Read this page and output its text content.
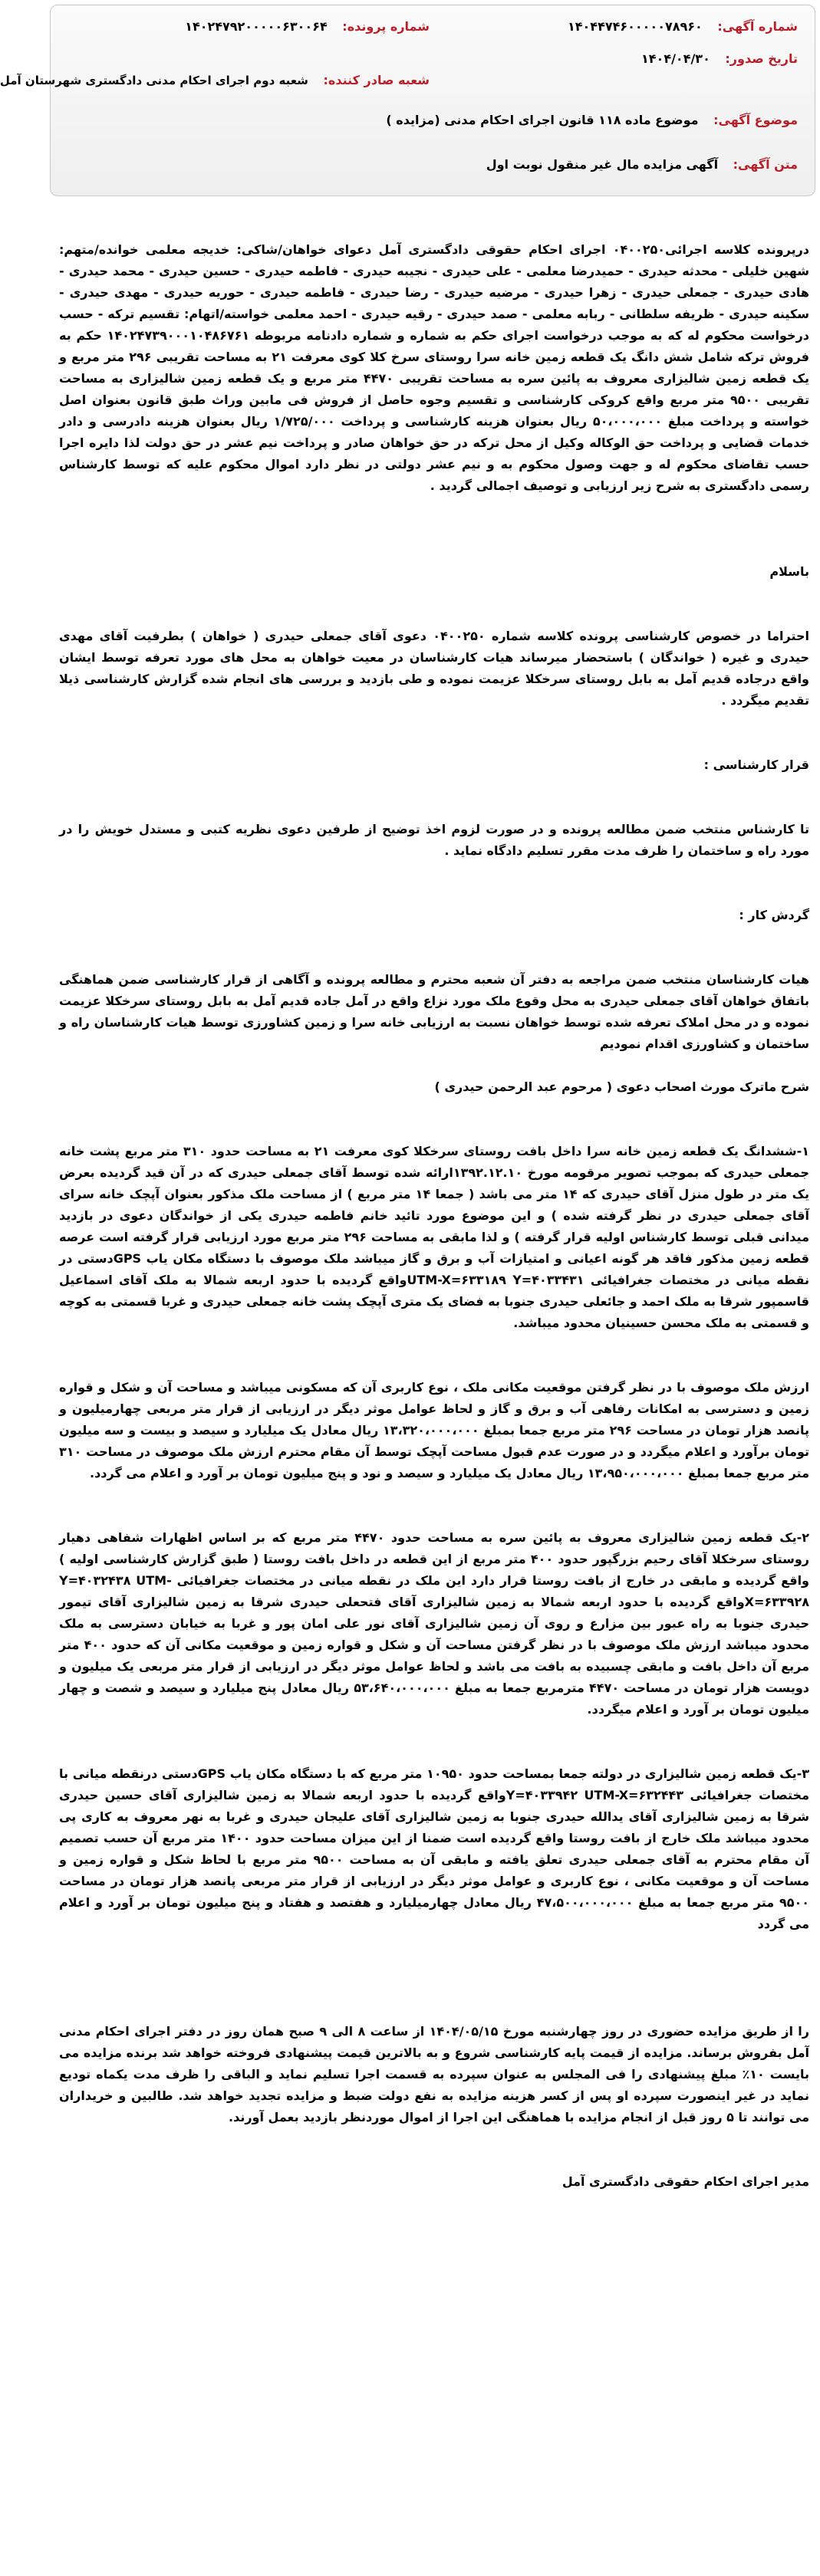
شماره آگهی: ۱۴۰۴۴۷۴۶۰۰۰۰۰۷۸۹۶۰
شماره پرونده: ۱۴۰۲۴۷۹۲۰۰۰۰۰۶۳۰۰۶۴
تاریخ صدور: ۱۴۰۴/۰۴/۳۰
شعبه صادر کننده: شعبه دوم اجرای احکام مدنی دادگستری شهرستان آمل
موضوع آگهی: موضوع ماده ۱۱۸ قانون اجرای احکام مدنی (مزایده )
متن آگهی: آگهی مزایده مال غیر منقول نوبت اول

درپرونده کلاسه اجرائی۰۴۰۰۲۵۰ اجرای احکام حقوقی دادگستری آمل دعوای خواهان/شاکی: خدیجه معلمی خوانده/متهم: شهین خلیلی - محدثه حیدری - حمیدرضا معلمی - علی حیدری - نجیبه حیدری - فاطمه حیدری - حسین حیدری - محمد حیدری - هادی حیدری - جمعلی حیدری - زهرا حیدری - مرضیه حیدری - رضا حیدری - فاطمه حیدری - حوریه حیدری - مهدی حیدری - سکینه حیدری - ظریفه سلطانی - ربابه معلمی - صمد حیدری - رقیه حیدری - احمد معلمی خواسته/اتهام: تقسیم ترکه - حسب درخواست محکوم له که به موجب درخواست اجرای حکم به شماره و شماره دادنامه مربوطه ۱۴۰۲۴۷۳۹۰۰۰۱۰۴۸۶۷۶۱ حکم به فروش ترکه شامل شش دانگ یک قطعه زمین خانه سرا روستای سرخ کلا کوی معرفت ۲۱ به مساحت تقریبی ۲۹۶ متر مربع و یک قطعه زمین شالیزاری معروف به پائین سره به مساحت تقریبی ۴۴۷۰ متر مربع و یک قطعه زمین شالیزاری به مساحت تقریبی ۹۵۰۰ متر مربع واقع کروکی کارشناسی و تقسیم وجوه حاصل از فروش فی مابین وراث طبق قانون بعنوان اصل خواسته و پرداخت مبلغ ۵۰،۰۰۰،۰۰۰ ریال بعنوان هزینه کارشناسی و پرداخت ۱/۷۲۵/۰۰۰ ریال بعنوان هزینه دادرسی و دادر خدمات قضایی و پرداخت حق الوکاله وکیل از محل ترکه در حق خواهان صادر و پرداخت نیم عشر در حق دولت لذا دایره اجرا حسب تقاضای محکوم له و جهت وصول محکوم به و نیم عشر دولتی در نظر دارد اموال محکوم علیه که توسط کارشناس رسمی دادگستری به شرح زیر ارزیابی و توصیف اجمالی گردید .

باسلام

احتراما در خصوص کارشناسی پرونده کلاسه شماره ۰۴۰۰۲۵۰ دعوی آقای جمعلی حیدری ( خواهان ) بطرفیت آقای مهدی حیدری و غیره ( خواندگان ) باستحضار میرساند هیات کارشناسان در معیت خواهان به محل های مورد تعرفه توسط ایشان واقع درجاده قدیم آمل به بابل روستای سرخکلا عزیمت نموده و طی بازدید و بررسی های انجام شده گزارش کارشناسی ذیلا تقدیم میگردد .

قرار کارشناسی :

تا کارشناس منتخب ضمن مطالعه پرونده و در صورت لزوم اخذ توضیح از طرفین دعوی نظریه کتبی و مستدل خویش را در مورد راه و ساختمان را ظرف مدت مقرر تسلیم دادگاه نماید .

گردش کار :

هیات کارشناسان منتخب ضمن مراجعه به دفتر آن شعبه محترم و مطالعه پرونده و آگاهی از قرار کارشناسی ضمن هماهنگی باتفاق خواهان آقای جمعلی حیدری به محل وقوع ملک مورد نزاع واقع در آمل جاده قدیم آمل به بابل روستای سرخکلا عزیمت نموده و در محل املاک تعرفه شده توسط خواهان نسبت به ارزیابی خانه سرا و زمین کشاورزی توسط هیات کارشناسان راه و ساختمان و کشاورزی اقدام نمودیم

شرح ماترک مورث اصحاب دعوی ( مرحوم عبد الرحمن حیدری )

۱-ششدانگ یک قطعه زمین خانه سرا داخل بافت روستای سرخکلا کوی معرفت ۲۱ به مساحت حدود ۳۱۰ متر مربع پشت خانه جمعلی حیدری که بموجب تصویر مرقومه مورخ ۱۳۹۲.۱۲.۱۰ارائه شده توسط آقای جمعلی حیدری که در آن قید گردیده بعرض یک متر در طول منزل آقای حیدری که ۱۴ متر می باشد ( جمعا ۱۴ متر مربع ) از مساحت ملک مذکور بعنوان آپچک خانه سرای آقای جمعلی حیدری در نظر گرفته شده ) و این موضوع مورد تائید خانم فاطمه حیدری یکی از خواندگان دعوی در بازدید میدانی قبلی توسط کارشناس اولیه قرار گرفته ) و لذا مابقی به مساحت ۲۹۶ متر مربع مورد ارزیابی قرار گرفته است عرصه قطعه زمین مذکور فاقد هر گونه اعیانی و امتیازات آب و برق و گاز میباشد ملک موصوف با دستگاه مکان یاب GPSدستی در نقطه میانی در مختصات جغرافیائی UTM-X=۶۳۳۱۸۹ Y=۴۰۳۳۴۳۱واقع گردیده با حدود اربعه شمالا به ملک آقای اسماعیل قاسمپور شرقا به ملک احمد و جائعلی حیدری جنوبا به فضای یک متری آپچک پشت خانه جمعلی حیدری و غربا قسمتی به کوچه و قسمتی به ملک محسن حسینیان محدود میباشد.

ارزش ملک موصوف با در نظر گرفتن موقعیت مکانی ملک ، نوع کاربری آن که مسکونی میباشد و مساحت آن و شکل و قواره زمین و دسترسی به امکانات رفاهی آب و برق و گاز و لحاظ عوامل موثر دیگر در ارزیابی از قرار متر مربعی چهارمیلیون و پانصد هزار تومان در مساحت ۲۹۶ متر مربع جمعا بمبلغ ۱۳،۳۲۰،۰۰۰،۰۰۰ ریال معادل یک میلیارد و سیصد و بیست و سه میلیون تومان برآورد و اعلام میگردد و در صورت عدم قبول مساحت آپچک توسط آن مقام محترم ارزش ملک موصوف در مساحت ۳۱۰ متر مربع جمعا بمبلغ ۱۳،۹۵۰،۰۰۰،۰۰۰ ریال معادل یک میلیارد و سیصد و نود و پنج میلیون تومان بر آورد و اعلام می گردد.

۲-یک قطعه زمین شالیزاری معروف به پائین سره به مساحت حدود ۴۴۷۰ متر مربع که بر اساس اظهارات شفاهی دهیار روستای سرخکلا آقای رحیم بزرگپور حدود ۴۰۰ متر مربع از این قطعه در داخل بافت روستا ( طبق گزارش کارشناسی اولیه ) واقع گردیده و مابقی در خارج از بافت روستا قرار دارد این ملک در نقطه میانی در مختصات جغرافیائی Y=۴۰۳۲۴۳۸ UTM-X=۶۳۳۹۲۸واقع گردیده با حدود اربعه شمالا به زمین شالیزاری آقای فتحعلی حیدری شرقا به زمین شالیزاری آقای تیمور حیدری جنوبا به راه عبور بین مزارع و روی آن زمین شالیزاری آقای نور علی امان پور و غربا به خیابان دسترسی به ملک محدود میباشد ارزش ملک موصوف با در نظر گرفتن مساحت آن و شکل و قواره زمین و موقعیت مکانی آن که حدود ۴۰۰ متر مربع آن داخل بافت و مابقی چسبیده به بافت می باشد و لحاظ عوامل موثر دیگر در ارزیابی از قرار متر مربعی یک میلیون و دویست هزار تومان در مساحت ۴۴۷۰ مترمربع جمعا به مبلغ ۵۳،۶۴۰،۰۰۰،۰۰۰ ریال معادل پنج میلیارد و سیصد و شصت و چهار میلیون تومان بر آورد و اعلام میگردد.

۳-یک قطعه زمین شالیزاری در دولته جمعا بمساحت حدود ۱۰۹۵۰ متر مربع که با دستگاه مکان یاب GPSدستی درنقطه میانی با مختصات جغرافیائی Y=۴۰۳۳۹۴۲ UTM-X=۶۳۲۴۴۳واقع گردیده با حدود اربعه شمالا به زمین شالیزاری آقای حسین حیدری شرقا به زمین شالیزاری آقای یدالله حیدری جنوبا به زمین شالیزاری آقای علیجان حیدری و غربا به نهر معروف به کاری پی محدود میباشد ملک خارج از بافت روستا واقع گردیده است ضمنا از این میزان مساحت حدود ۱۴۰۰ متر مربع آن حسب تصمیم آن مقام محترم به آقای جمعلی حیدری تعلق یافته و مابقی آن به مساحت ۹۵۰۰ متر مربع با لحاظ شکل و قواره زمین و مساحت آن و موقعیت مکانی ، نوع کاربری و عوامل موثر دیگر در ارزیابی از قرار متر مربعی پانصد هزار تومان در مساحت ۹۵۰۰ متر مربع جمعا به مبلغ ۴۷،۵۰۰،۰۰۰،۰۰۰ ریال معادل چهارمیلیارد و هفتصد و هفتاد و پنج میلیون تومان بر آورد و اعلام می گردد

را از طریق مزایده حضوری در روز چهارشنبه مورخ ۱۴۰۴/۰۵/۱۵ از ساعت ۸ الی ۹ صبح همان روز در دفتر اجرای احکام مدنی آمل بفروش برساند. مزایده از قیمت پایه کارشناسی شروع و به بالاترین قیمت پیشنهادی فروخته خواهد شد برنده مزایده می بایست ۱۰٪ مبلغ پیشنهادی را فی المجلس به عنوان سپرده به قسمت اجرا تسلیم نماید و الباقی را ظرف مدت یکماه تودیع نماید در غیر اینصورت سپرده او پس از کسر هزینه مزایده به نفع دولت ضبط و مزایده تجدید خواهد شد. طالبین و خریداران می توانند تا ۵ روز قبل از انجام مزایده با هماهنگی این اجرا از اموال موردنظر بازدید بعمل آورند.

مدیر اجرای احکام حقوقی دادگستری آمل
